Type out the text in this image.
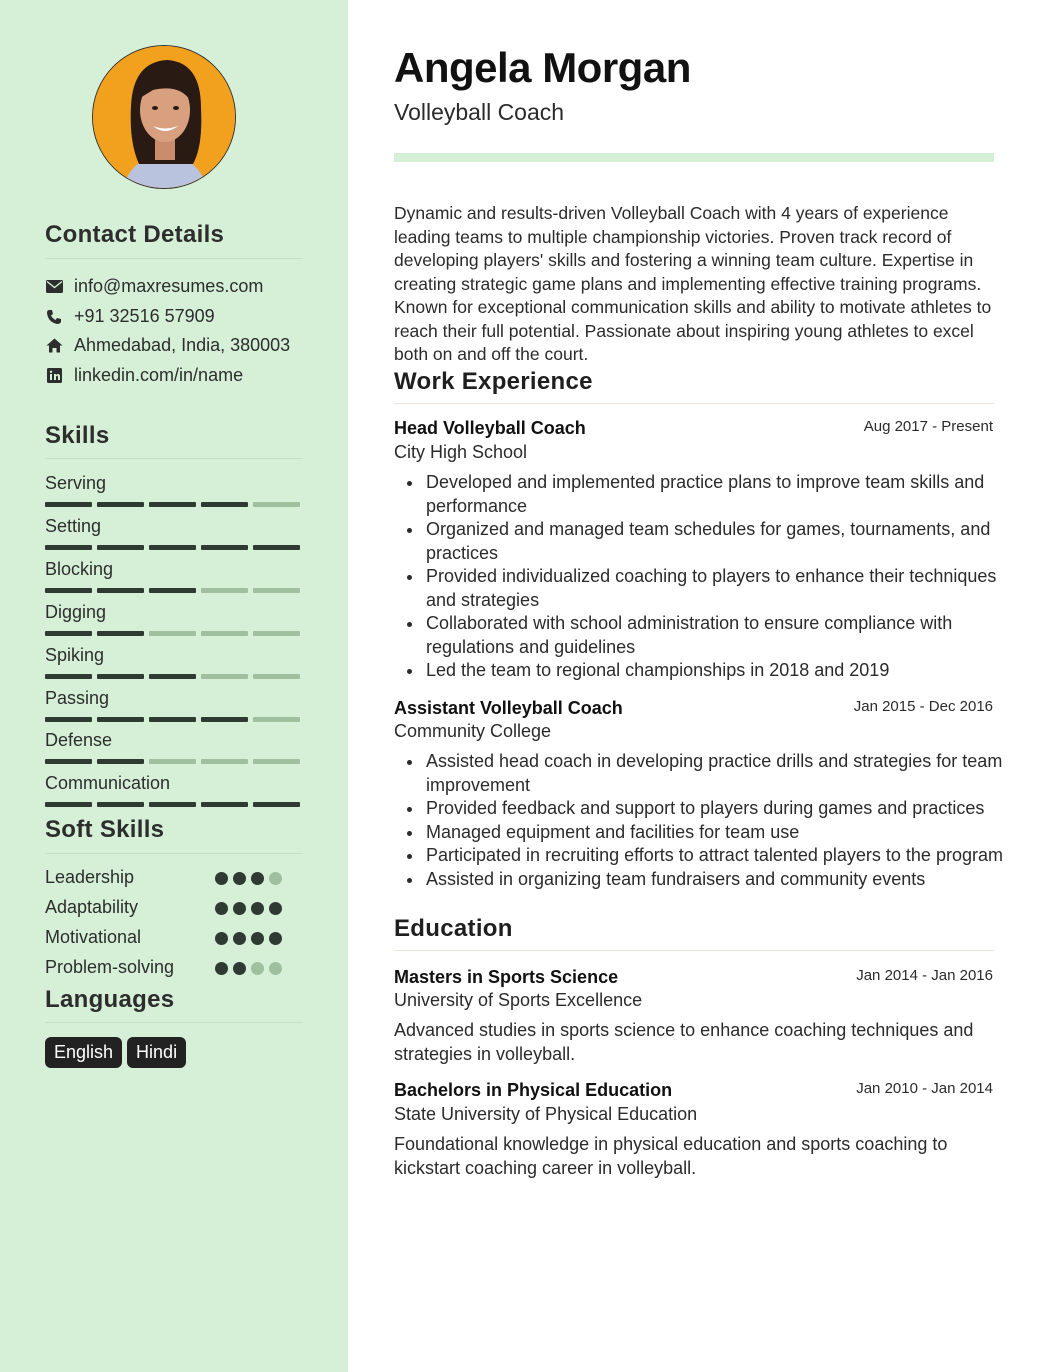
Contact Details
info@maxresumes.com
+91 32516 57909
Ahmedabad, India, 380003
linkedin.com/in/name
Skills
Serving
Setting
Blocking
Digging
Spiking
Passing
Defense
Communication
Soft Skills
Leadership
Adaptability
Motivational
Problem-solving
Languages
English	Hindi
Angela Morgan
Volleyball Coach
Dynamic and results-driven Volleyball Coach with 4 years of experience leading teams to multiple championship victories. Proven track record of developing players' skills and fostering a winning team culture. Expertise in creating strategic game plans and implementing effective training programs. Known for exceptional communication skills and ability to motivate athletes to reach their full potential. Passionate about inspiring young athletes to excel both on and off the court.
Work Experience
Head Volleyball Coach	Aug 2017 - Present
City High School
Developed and implemented practice plans to improve team skills and performance
Organized and managed team schedules for games, tournaments, and practices
Provided individualized coaching to players to enhance their techniques and strategies
Collaborated with school administration to ensure compliance with regulations and guidelines
Led the team to regional championships in 2018 and 2019
Assistant Volleyball Coach	Jan 2015 - Dec 2016
Community College
Assisted head coach in developing practice drills and strategies for team improvement
Provided feedback and support to players during games and practices
Managed equipment and facilities for team use
Participated in recruiting efforts to attract talented players to the program
Assisted in organizing team fundraisers and community events
Education
Masters in Sports Science	Jan 2014 - Jan 2016
University of Sports Excellence
Advanced studies in sports science to enhance coaching techniques and strategies in volleyball.
Bachelors in Physical Education	Jan 2010 - Jan 2014
State University of Physical Education
Foundational knowledge in physical education and sports coaching to kickstart coaching career in volleyball.
